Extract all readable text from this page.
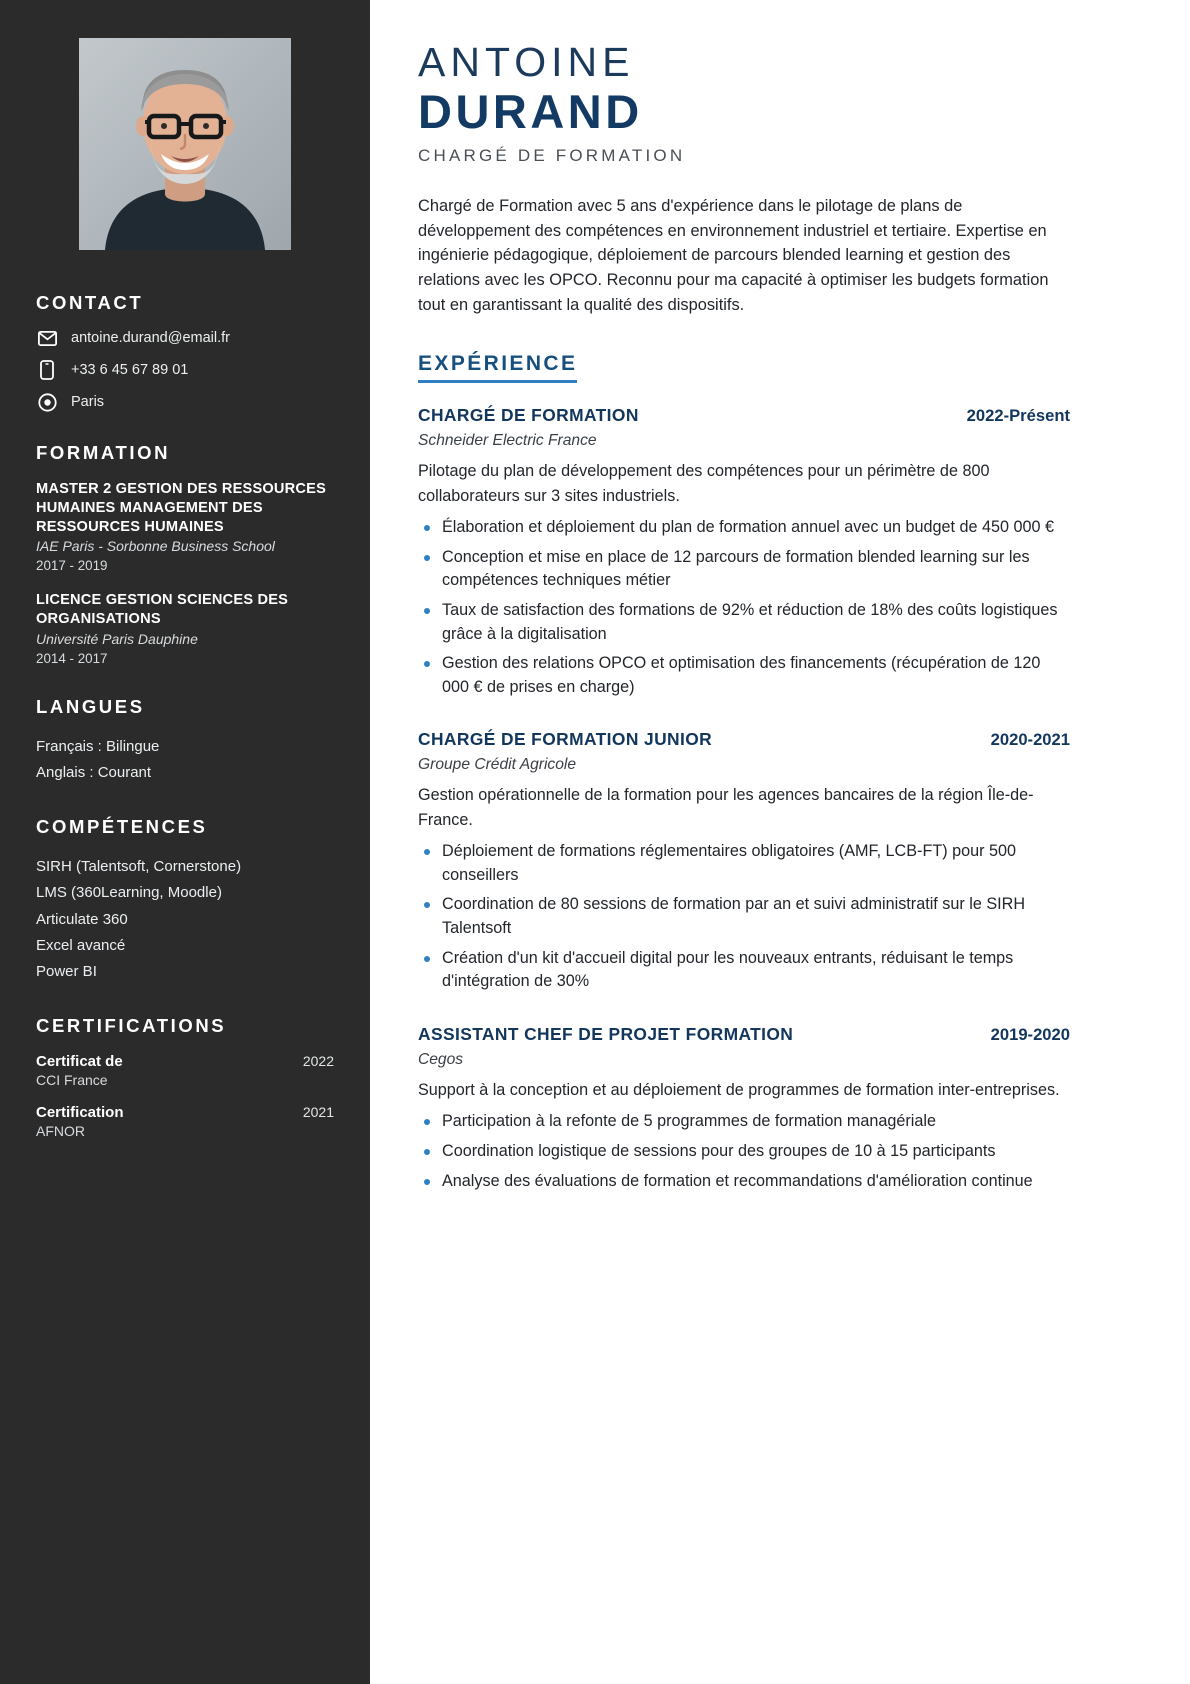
CONTACT
antoine.durand@email.fr
+33 6 45 67 89 01
Paris
FORMATION
MASTER 2 GESTION DES RESSOURCES HUMAINES MANAGEMENT DES RESSOURCES HUMAINES
IAE Paris - Sorbonne Business School
2017 - 2019
LICENCE GESTION SCIENCES DES ORGANISATIONS
Université Paris Dauphine
2014 - 2017
LANGUES
Français : Bilingue
Anglais : Courant
COMPÉTENCES
SIRH (Talentsoft, Cornerstone)
LMS (360Learning, Moodle)
Articulate 360
Excel avancé
Power BI
CERTIFICATIONS
Certificat de	2022
CCI France
Certification	2021
AFNOR
ANTOINE
DURAND
CHARGÉ DE FORMATION

Chargé de Formation avec 5 ans d'expérience dans le pilotage de plans de développement des compétences en environnement industriel et tertiaire. Expertise en ingénierie pédagogique, déploiement de parcours blended learning et gestion des relations avec les OPCO. Reconnu pour ma capacité à optimiser les budgets formation tout en garantissant la qualité des dispositifs.

EXPÉRIENCE
CHARGÉ DE FORMATION	2022-Présent
Schneider Electric France

Pilotage du plan de développement des compétences pour un périmètre de 800 collaborateurs sur 3 sites industriels.

Élaboration et déploiement du plan de formation annuel avec un budget de 450 000 €
Conception et mise en place de 12 parcours de formation blended learning sur les compétences techniques métier
Taux de satisfaction des formations de 92% et réduction de 18% des coûts logistiques grâce à la digitalisation
Gestion des relations OPCO et optimisation des financements (récupération de 120 000 € de prises en charge)
CHARGÉ DE FORMATION JUNIOR	2020-2021
Groupe Crédit Agricole

Gestion opérationnelle de la formation pour les agences bancaires de la région Île-de-France.

Déploiement de formations réglementaires obligatoires (AMF, LCB-FT) pour 500 conseillers
Coordination de 80 sessions de formation par an et suivi administratif sur le SIRH Talentsoft
Création d'un kit d'accueil digital pour les nouveaux entrants, réduisant le temps d'intégration de 30%
ASSISTANT CHEF DE PROJET FORMATION	2019-2020
Cegos

Support à la conception et au déploiement de programmes de formation inter-entreprises.

Participation à la refonte de 5 programmes de formation managériale
Coordination logistique de sessions pour des groupes de 10 à 15 participants
Analyse des évaluations de formation et recommandations d'amélioration continue
